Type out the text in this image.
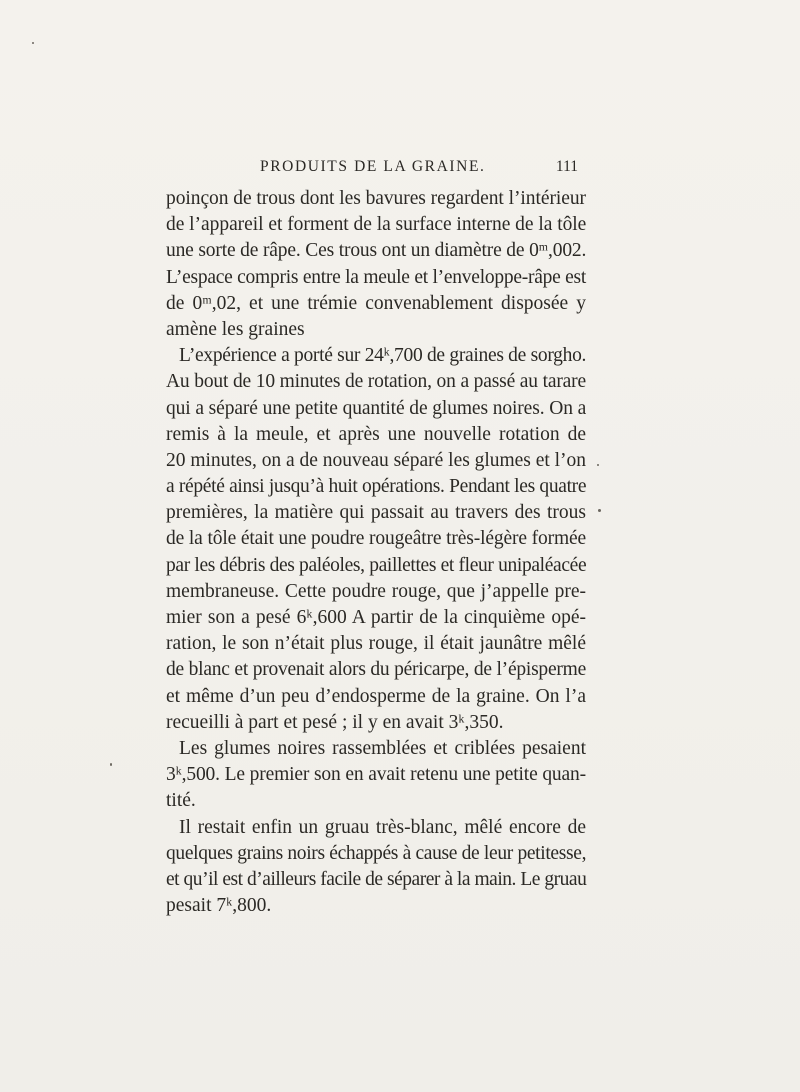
PRODUITS DE LA GRAINE.	111
poinçon de trous dont les bavures regardent l’intérieur
de l’appareil et forment de la surface interne de la tôle
une sorte de râpe. Ces trous ont un diamètre de 0ᵐ,002.
L’espace compris entre la meule et l’enveloppe-râpe est
de 0ᵐ,02, et une trémie convenablement disposée y
amène les graines
L’expérience a porté sur 24ᵏ,700 de graines de sorgho.
Au bout de 10 minutes de rotation, on a passé au tarare
qui a séparé une petite quantité de glumes noires. On a
remis à la meule, et après une nouvelle rotation de
20 minutes, on a de nouveau séparé les glumes et l’on
a répété ainsi jusqu’à huit opérations. Pendant les quatre
premières, la matière qui passait au travers des trous
de la tôle était une poudre rougeâtre très-légère formée
par les débris des paléoles, paillettes et fleur unipaléacée
membraneuse. Cette poudre rouge, que j’appelle pre-
mier son a pesé 6ᵏ,600 A partir de la cinquième opé-
ration, le son n’était plus rouge, il était jaunâtre mêlé
de blanc et provenait alors du péricarpe, de l’épisperme
et même d’un peu d’endosperme de la graine. On l’a
recueilli à part et pesé ; il y en avait 3ᵏ,350.
Les glumes noires rassemblées et criblées pesaient
3ᵏ,500. Le premier son en avait retenu une petite quan-
tité.
Il restait enfin un gruau très-blanc, mêlé encore de
quelques grains noirs échappés à cause de leur petitesse,
et qu’il est d’ailleurs facile de séparer à la main. Le gruau
pesait 7ᵏ,800.
